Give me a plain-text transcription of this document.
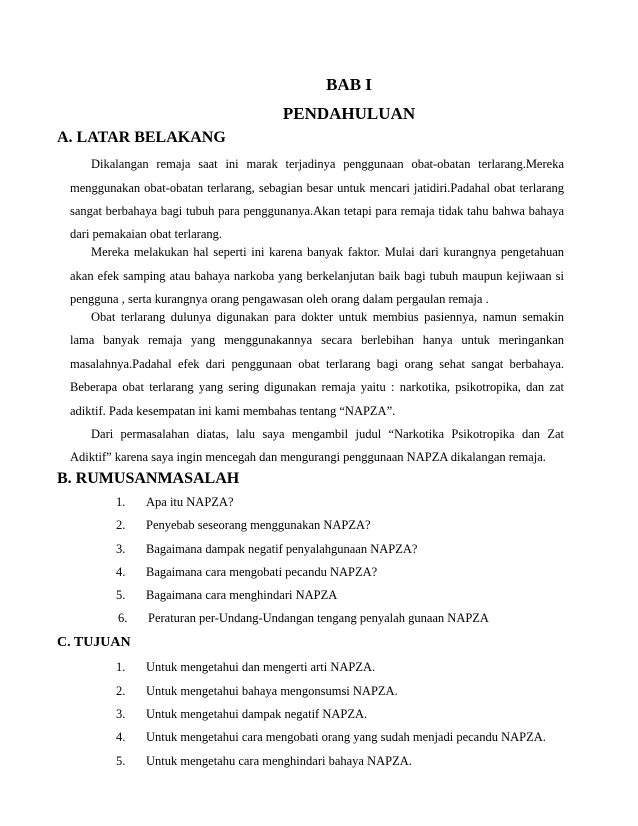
BAB I
PENDAHULUAN
A. LATAR BELAKANG
Dikalangan remaja saat ini marak terjadinya penggunaan obat-obatan terlarang.Mereka
menggunakan obat-obatan terlarang, sebagian besar untuk mencari jatidiri.Padahal obat terlarang
sangat berbahaya bagi tubuh para penggunanya.Akan tetapi para remaja tidak tahu bahwa bahaya
dari pemakaian obat terlarang.
Mereka melakukan hal seperti ini karena banyak faktor. Mulai dari kurangnya pengetahuan
akan efek samping atau bahaya narkoba yang berkelanjutan baik bagi tubuh maupun kejiwaan si
pengguna , serta kurangnya orang pengawasan oleh orang dalam pergaulan remaja .
Obat terlarang dulunya digunakan para dokter untuk membius pasiennya, namun semakin
lama banyak remaja yang menggunakannya secara berlebihan hanya untuk meringankan
masalahnya.Padahal efek dari penggunaan obat terlarang bagi orang sehat sangat berbahaya.
Beberapa obat terlarang yang sering digunakan remaja yaitu : narkotika, psikotropika, dan zat
adiktif. Pada kesempatan ini kami membahas tentang “NAPZA”.
Dari permasalahan diatas, lalu saya mengambil judul “Narkotika Psikotropika dan Zat
Adiktif” karena saya ingin mencegah dan mengurangi penggunaan NAPZA dikalangan remaja.
B. RUMUSANMASALAH
1. Apa itu NAPZA?
2. Penyebab seseorang menggunakan NAPZA?
3. Bagaimana dampak negatif penyalahgunaan NAPZA?
4. Bagaimana cara mengobati pecandu NAPZA?
5. Bagaimana cara menghindari NAPZA
6. Peraturan per-Undang-Undangan tengang penyalah gunaan NAPZA
C. TUJUAN
1. Untuk mengetahui dan mengerti arti NAPZA.
2. Untuk mengetahui bahaya mengonsumsi NAPZA.
3. Untuk mengetahui dampak negatif NAPZA.
4. Untuk mengetahui cara mengobati orang yang sudah menjadi pecandu NAPZA.
5. Untuk mengetahu cara menghindari bahaya NAPZA.
